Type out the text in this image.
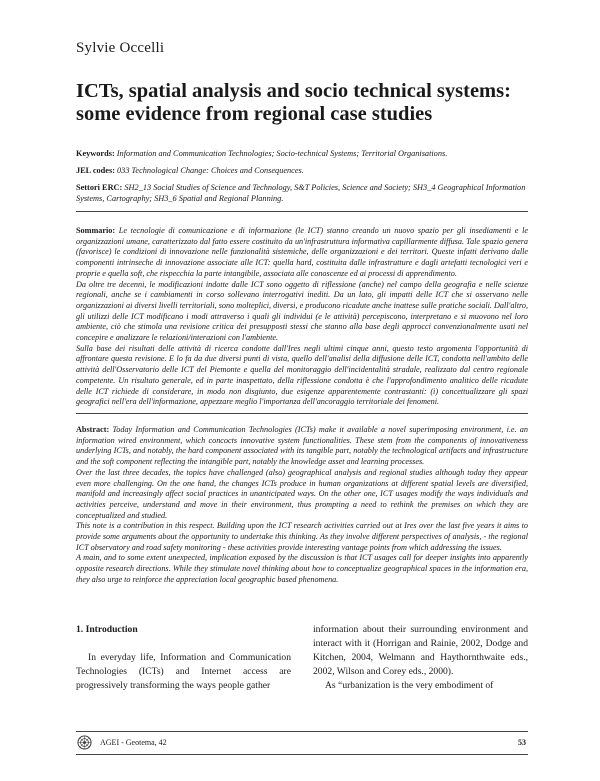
Sylvie Occelli
ICTs, spatial analysis and socio technical systems: some evidence from regional case studies
Keywords: Information and Communication Technologies; Socio-technical Systems; Territorial Organisations.
JEL codes: 033 Technological Change: Choices and Consequences.
Settori ERC: SH2_13 Social Studies of Science and Technology, S&T Policies, Science and Society; SH3_4 Geographical Information Systems, Cartography; SH3_6 Spatial and Regional Planning.

Sommario: Le tecnologie di comunicazione e di informazione (le ICT) stanno creando un nuovo spazio per gli insediamenti e le organizzazioni umane, caratterizzato dal fatto essere costituito da un'infrastruttura informativa capillarmente diffusa. Tale spazio genera (favorisce) le condizioni di innovazione nelle funzionalità sistemiche, delle organizzazioni e dei territori. Queste infatti derivano dalle componenti intrinseche di innovazione associate alle ICT: quella hard, costituita dalle infrastrutture e dagli artefatti tecnologici veri e proprie e quella soft, che rispecchia la parte intangibile, associata alle conoscenze ed ai processi di apprendimento.

Da oltre tre decenni, le modificazioni indotte dalle ICT sono oggetto di riflessione (anche) nel campo della geografia e nelle scienze regionali, anche se i cambiamenti in corso sollevano interrogativi inediti. Da un lato, gli impatti delle ICT che si osservano nelle organizzazioni ai diversi livelli territoriali, sono molteplici, diversi, e producono ricadute anche inattese sulle pratiche sociali. Dall'altro, gli utilizzi delle ICT modificano i modi attraverso i quali gli individui (e le attività) percepiscono, interpretano e si muovono nel loro ambiente, ciò che stimola una revisione critica dei presupposti stessi che stanno alla base degli approcci convenzionalmente usati nel concepire e analizzare le relazioni/interazioni con l'ambiente.

Sulla base dei risultati delle attività di ricerca condotte dall'Ires negli ultimi cinque anni, questo testo argomenta l'opportunità di affrontare questa revisione. E lo fa da due diversi punti di vista, quello dell'analisi della diffusione delle ICT, condotta nell'ambito delle attività dell'Osservatorio delle ICT del Piemonte e quella del monitoraggio dell'incidentalità stradale, realizzato dal centro regionale competente. Un risultato generale, ed in parte inaspettato, della riflessione condotta è che l'approfondimento analitico delle ricadute delle ICT richiede di considerare, in modo non disgiunto, due esigenze apparentemente contrastanti: (i) concettualizzare gli spazi geografici nell'era dell'informazione, appezzare meglio l'importanza dell'ancoraggio territoriale dei fenomeni.

Abstract: Today Information and Communication Technologies (ICTs) make it available a novel superimposing environment, i.e. an information wired environment, which concocts innovative system functionalities. These stem from the components of innovativeness underlying ICTs, and notably, the hard component associated with its tangible part, notably the technological artifacts and infrastructure and the soft component reflecting the intangible part, notably the knowledge asset and learning processes.

Over the last three decades, the topics have challenged (also) geographical analysis and regional studies although today they appear even more challenging. On the one hand, the changes ICTs produce in human organizations at different spatial levels are diversified, manifold and increasingly affect social practices in unanticipated ways. On the other one, ICT usages modify the ways individuals and activities perceive, understand and move in their environment, thus prompting a need to rethink the premises on which they are conceptualized and studied.

This note is a contribution in this respect. Building upon the ICT research activities carried out at Ires over the last five years it aims to provide some arguments about the opportunity to undertake this thinking. As they involve different perspectives of analysis, - the regional ICT observatory and road safety monitoring - these activities provide interesting vantage points from which addressing the issues.

A main, and to some extent unexpected, implication exposed by the discussion is that ICT usages call for deeper insights into apparently opposite research directions. While they stimulate novel thinking about how to conceptualize geographical spaces in the information era, they also urge to reinforce the appreciation local geographic based phenomena.

1. Introduction

In everyday life, Information and Communication Technologies (ICTs) and Internet access are progressively transforming the ways people gather

information about their surrounding environment and interact with it (Horrigan and Rainie, 2002, Dodge and Kitchen, 2004, Welmann and Haythornthwaite eds., 2002, Wilson and Corey eds., 2000).

As “urbanization is the very embodiment of

AGEI - Geotema, 42	53
